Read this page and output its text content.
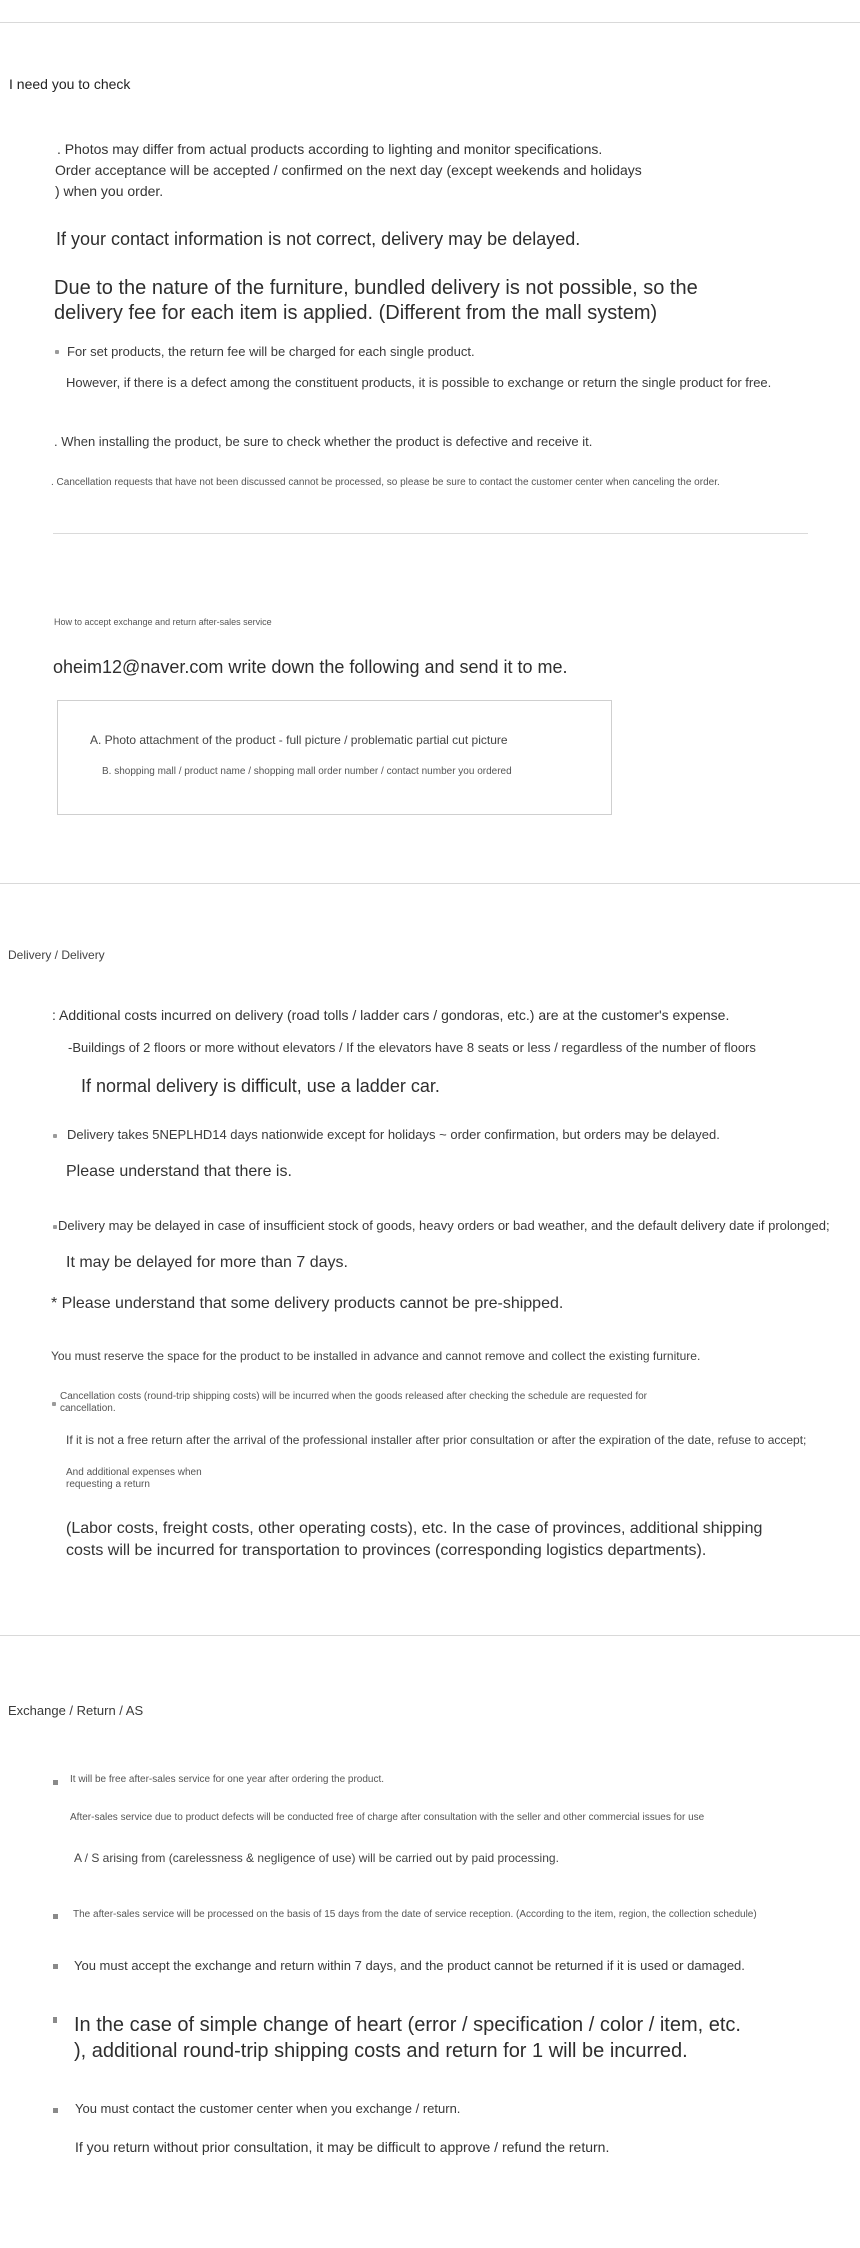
I need you to check
. Photos may differ from actual products according to lighting and monitor specifications.
Order acceptance will be accepted / confirmed on the next day (except weekends and holidays
) when you order.
If your contact information is not correct, delivery may be delayed.
Due to the nature of the furniture, bundled delivery is not possible, so the
delivery fee for each item is applied. (Different from the mall system)
For set products, the return fee will be charged for each single product.
However, if there is a defect among the constituent products, it is possible to exchange or return the single product for free.
. When installing the product, be sure to check whether the product is defective and receive it.
. Cancellation requests that have not been discussed cannot be processed, so please be sure to contact the customer center when canceling the order.
How to accept exchange and return after-sales service
oheim12@naver.com write down the following and send it to me.
A. Photo attachment of the product - full picture / problematic partial cut picture
B. shopping mall / product name / shopping mall order number / contact number you ordered
Delivery / Delivery
: Additional costs incurred on delivery (road tolls / ladder cars / gondoras, etc.) are at the customer's expense.
-Buildings of 2 floors or more without elevators / If the elevators have 8 seats or less / regardless of the number of floors
If normal delivery is difficult, use a ladder car.
Delivery takes 5NEPLHD14 days nationwide except for holidays ~ order confirmation, but orders may be delayed.
Please understand that there is.
Delivery may be delayed in case of insufficient stock of goods, heavy orders or bad weather, and the default delivery date if prolonged;
It may be delayed for more than 7 days.
* Please understand that some delivery products cannot be pre-shipped.
You must reserve the space for the product to be installed in advance and cannot remove and collect the existing furniture.
Cancellation costs (round-trip shipping costs) will be incurred when the goods released after checking the schedule are requested for cancellation.
If it is not a free return after the arrival of the professional installer after prior consultation or after the expiration of the date, refuse to accept;
And additional expenses when requesting a return
(Labor costs, freight costs, other operating costs), etc. In the case of provinces, additional shipping
costs will be incurred for transportation to provinces (corresponding logistics departments).
Exchange / Return / AS
It will be free after-sales service for one year after ordering the product.
After-sales service due to product defects will be conducted free of charge after consultation with the seller and other commercial issues for use
A / S arising from (carelessness & negligence of use) will be carried out by paid processing.
The after-sales service will be processed on the basis of 15 days from the date of service reception. (According to the item, region, the collection schedule)
You must accept the exchange and return within 7 days, and the product cannot be returned if it is used or damaged.
In the case of simple change of heart (error / specification / color / item, etc.
), additional round-trip shipping costs and return for 1 will be incurred.
You must contact the customer center when you exchange / return.
If you return without prior consultation, it may be difficult to approve / refund the return.
